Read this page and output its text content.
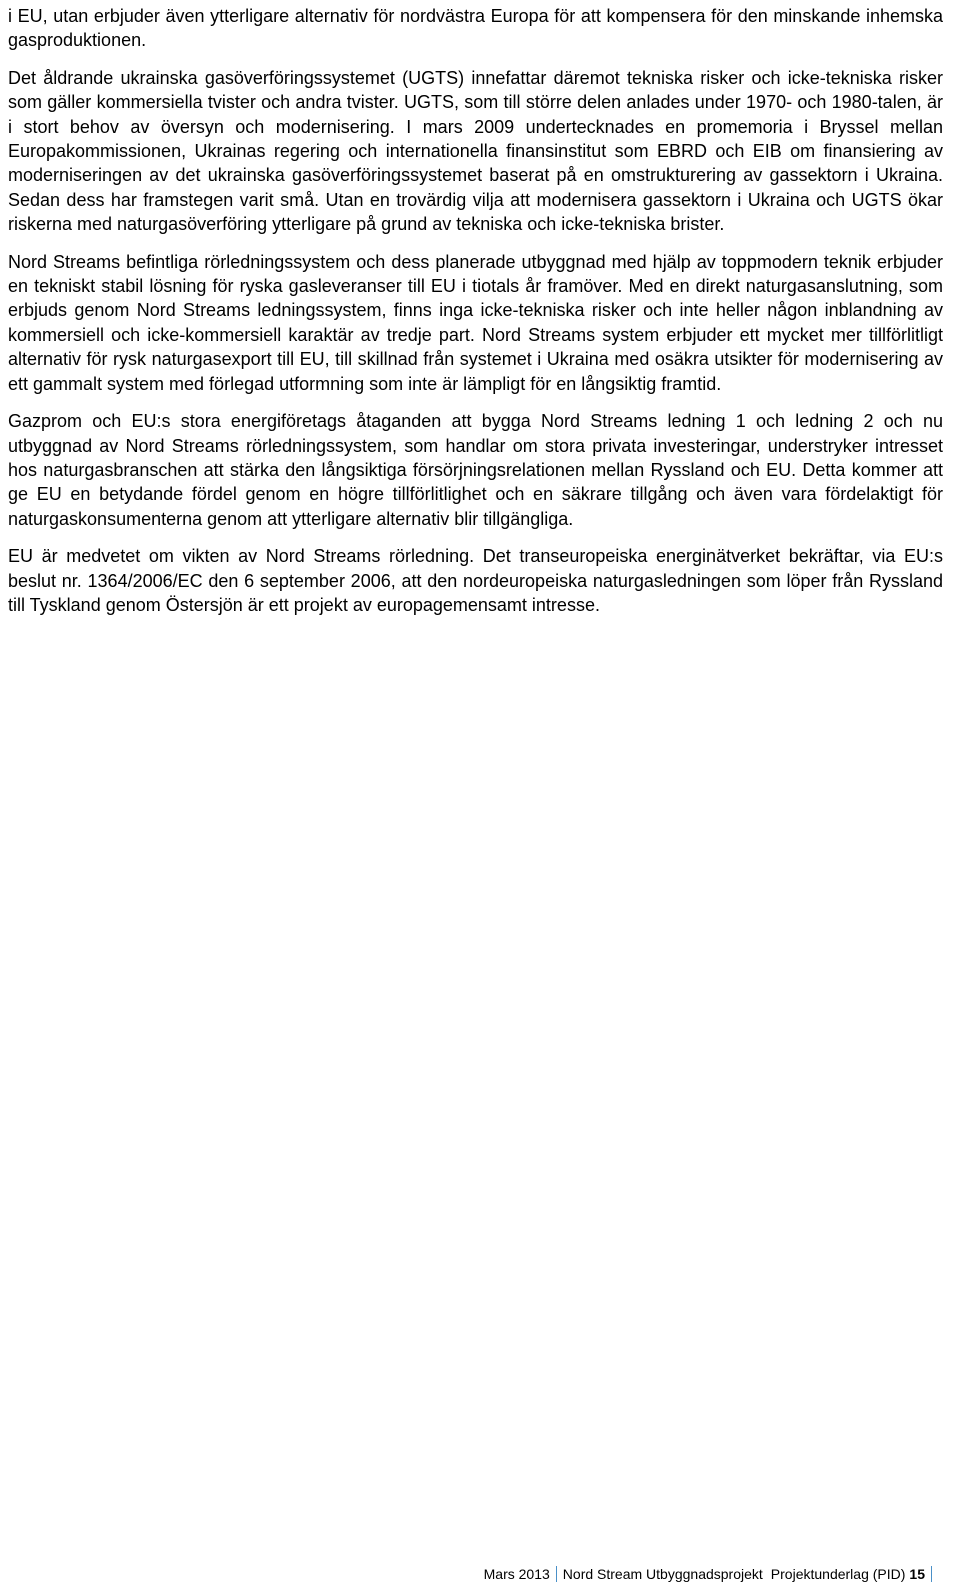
i EU, utan erbjuder även ytterligare alternativ för nordvästra Europa för att kompensera för den minskande inhemska gasproduktionen.

Det åldrande ukrainska gasöverföringssystemet (UGTS) innefattar däremot tekniska risker och icke-tekniska risker som gäller kommersiella tvister och andra tvister. UGTS, som till större delen anlades under 1970- och 1980-talen, är i stort behov av översyn och modernisering. I mars 2009 undertecknades en promemoria i Bryssel mellan Europakommissionen, Ukrainas regering och internationella finansinstitut som EBRD och EIB om finansiering av moderniseringen av det ukrainska gasöverföringssystemet baserat på en omstrukturering av gassektorn i Ukraina. Sedan dess har framstegen varit små. Utan en trovärdig vilja att modernisera gassektorn i Ukraina och UGTS ökar riskerna med naturgasöverföring ytterligare på grund av tekniska och icke-tekniska brister.

Nord Streams befintliga rörledningssystem och dess planerade utbyggnad med hjälp av toppmodern teknik erbjuder en tekniskt stabil lösning för ryska gasleveranser till EU i tiotals år framöver. Med en direkt naturgasanslutning, som erbjuds genom Nord Streams ledningssystem, finns inga icke-tekniska risker och inte heller någon inblandning av kommersiell och icke-kommersiell karaktär av tredje part. Nord Streams system erbjuder ett mycket mer tillförlitligt alternativ för rysk naturgasexport till EU, till skillnad från systemet i Ukraina med osäkra utsikter för modernisering av ett gammalt system med förlegad utformning som inte är lämpligt för en långsiktig framtid.

Gazprom och EU:s stora energiföretags åtaganden att bygga Nord Streams ledning 1 och ledning 2 och nu utbyggnad av Nord Streams rörledningssystem, som handlar om stora privata investeringar, understryker intresset hos naturgasbranschen att stärka den långsiktiga försörjningsrelationen mellan Ryssland och EU. Detta kommer att ge EU en betydande fördel genom en högre tillförlitlighet och en säkrare tillgång och även vara fördelaktigt för naturgaskonsumenterna genom att ytterligare alternativ blir tillgängliga.

EU är medvetet om vikten av Nord Streams rörledning. Det transeuropeiska energinätverket bekräftar, via EU:s beslut nr. 1364/2006/EC den 6 september 2006, att den nordeuropeiska naturgasledningen som löper från Ryssland till Tyskland genom Östersjön är ett projekt av europagemensamt intresse.

Mars 2013 Nord Stream Utbyggnadsprojekt Projektunderlag (PID) 15
